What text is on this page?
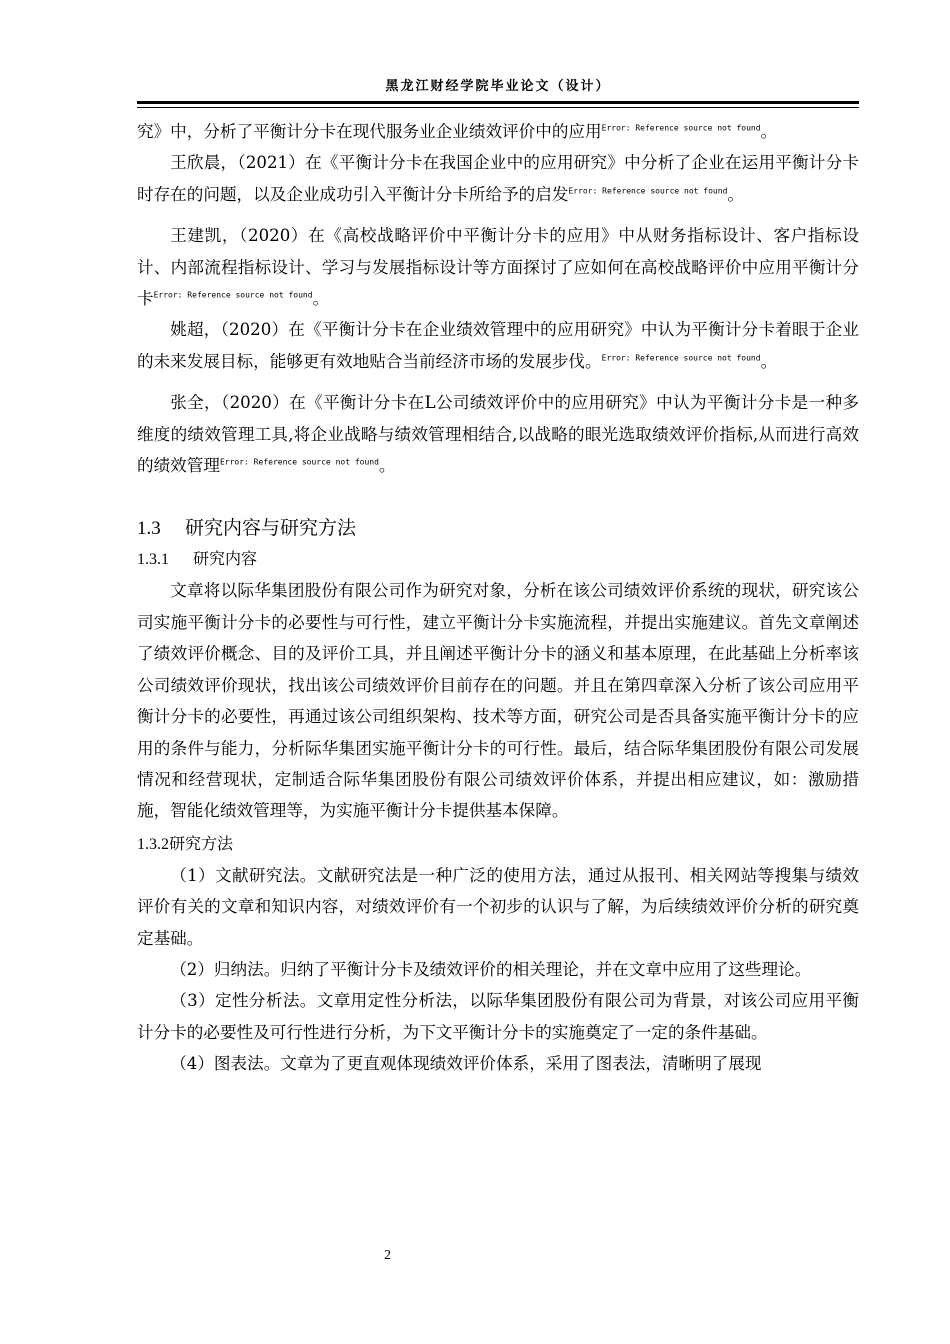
黑龙江财经学院毕业论文（设计）

究》中，分析了平衡计分卡在现代服务业企业绩效评价中的应用$^{Error: Reference source not found}$。

王欣晨，（2021）在《平衡计分卡在我国企业中的应用研究》中分析了企业在运用平衡计分卡时存在的问题，以及企业成功引入平衡计分卡所给予的启发$^{Error: Reference source not found}$。

王建凯，（2020）在《高校战略评价中平衡计分卡的应用》中从财务指标设计、客户指标设计、内部流程指标设计、学习与发展指标设计等方面探讨了应如何在高校战略评价中应用平衡计分卡$^{Error: Reference source not found}$。

姚超，（2020）在《平衡计分卡在企业绩效管理中的应用研究》中认为平衡计分卡着眼于企业的未来发展目标，能够更有效地贴合当前经济市场的发展步伐。$^{Error: Reference source not found}$。

张全，（2020）在《平衡计分卡在L公司绩效评价中的应用研究》中认为平衡计分卡是一种多维度的绩效管理工具,将企业战略与绩效管理相结合,以战略的眼光选取绩效评价指标,从而进行高效的绩效管理$^{Error: Reference source not found}$。

1.3 研究内容与研究方法
1.3.1 研究内容

文章将以际华集团股份有限公司作为研究对象，分析在该公司绩效评价系统的现状，研究该公司实施平衡计分卡的必要性与可行性，建立平衡计分卡实施流程，并提出实施建议。首先文章阐述了绩效评价概念、目的及评价工具，并且阐述平衡计分卡的涵义和基本原理，在此基础上分析率该公司绩效评价现状，找出该公司绩效评价目前存在的问题。并且在第四章深入分析了该公司应用平衡计分卡的必要性，再通过该公司组织架构、技术等方面，研究公司是否具备实施平衡计分卡的应用的条件与能力，分析际华集团实施平衡计分卡的可行性。最后，结合际华集团股份有限公司发展情况和经营现状，定制适合际华集团股份有限公司绩效评价体系，并提出相应建议，如：激励措施，智能化绩效管理等，为实施平衡计分卡提供基本保障。

1.3.2研究方法

（1）文献研究法。文献研究法是一种广泛的使用方法，通过从报刊、相关网站等搜集与绩效评价有关的文章和知识内容，对绩效评价有一个初步的认识与了解，为后续绩效评价分析的研究奠定基础。

（2）归纳法。归纳了平衡计分卡及绩效评价的相关理论，并在文章中应用了这些理论。

（3）定性分析法。文章用定性分析法，以际华集团股份有限公司为背景，对该公司应用平衡计分卡的必要性及可行性进行分析，为下文平衡计分卡的实施奠定了一定的条件基础。

（4）图表法。文章为了更直观体现绩效评价体系，采用了图表法，清晰明了展现

2
